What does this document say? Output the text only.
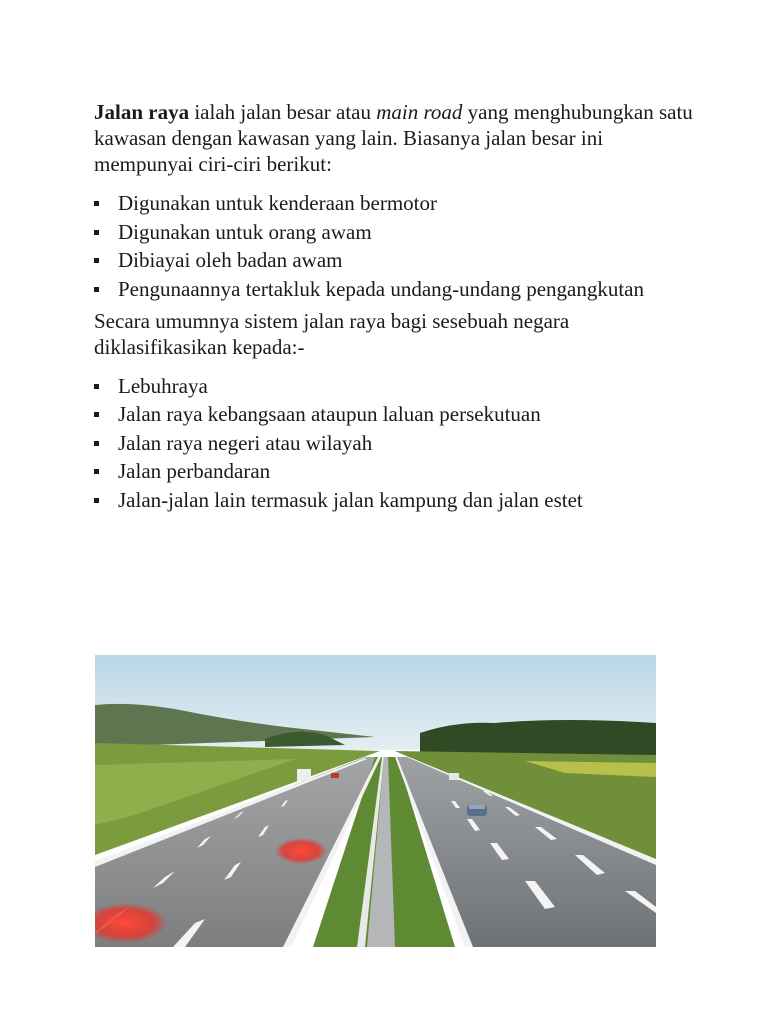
Jalan raya ialah jalan besar atau main road yang menghubungkan satu kawasan dengan kawasan yang lain. Biasanya jalan besar ini mempunyai ciri-ciri berikut:

Digunakan untuk kenderaan bermotor
Digunakan untuk orang awam
Dibiayai oleh badan awam
Pengunaannya tertakluk kepada undang-undang pengangkutan

Secara umumnya sistem jalan raya bagi sesebuah negara diklasifikasikan kepada:-

Lebuhraya
Jalan raya kebangsaan ataupun laluan persekutuan
Jalan raya negeri atau wilayah
Jalan perbandaran
Jalan-jalan lain termasuk jalan kampung dan jalan estet
